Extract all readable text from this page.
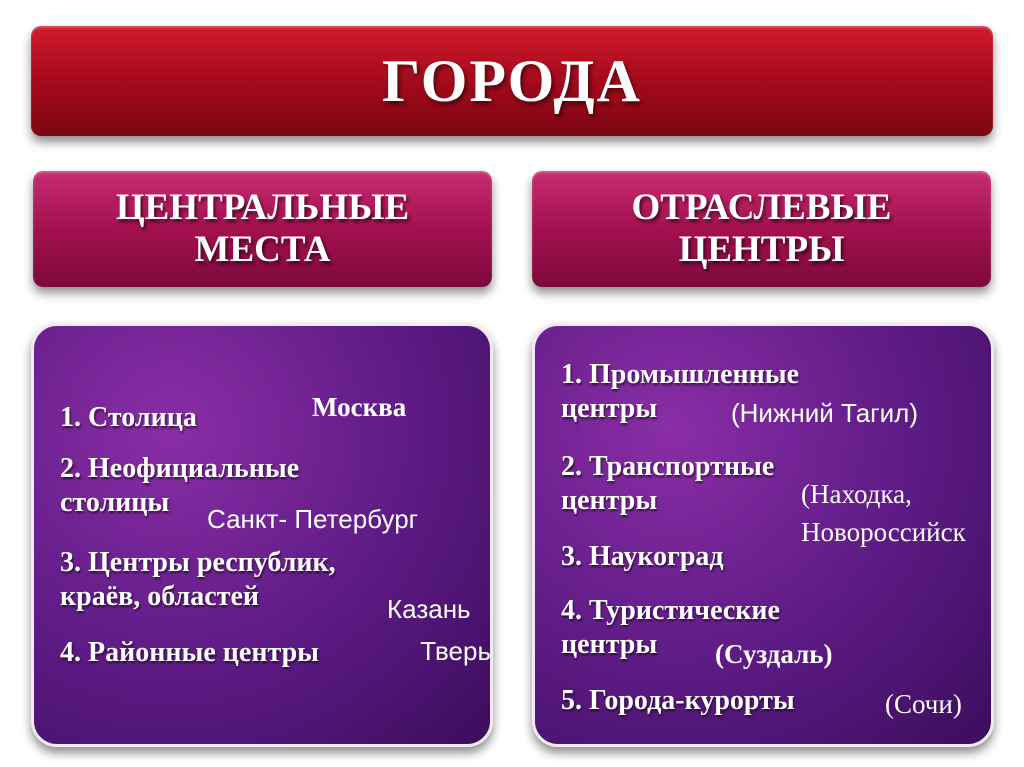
ГОРОДА
ЦЕНТРАЛЬНЫЕ
МЕСТА
ОТРАСЛЕВЫЕ
ЦЕНТРЫ
1. Столица
2. Неофициальные
столицы
3. Центры республик,
краёв, областей
4. Районные центры
Москва
Санкт- Петербург
Казань
Тверь
1. Промышленные
центры
2. Транспортные
центры
3. Наукоград
4. Туристические
центры
5. Города-курорты
(Нижний Тагил)
(Находка,
Новороссийск
(Суздаль)
(Сочи)
